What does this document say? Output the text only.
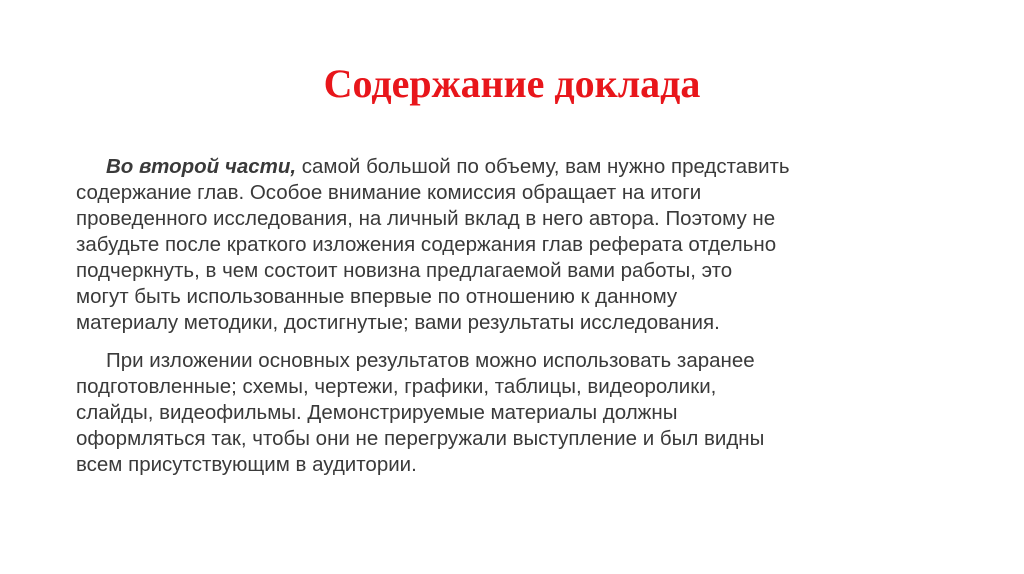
Содержание доклада

Во второй части, самой большой по объему, вам нужно представить
содержание глав. Особое внимание комиссия обращает на итоги
проведенного исследования, на личный вклад в него автора. Поэтому не
забудьте после краткого изложения содержания глав реферата отдельно
подчеркнуть, в чем состоит новизна предлагаемой вами работы, это
могут быть использованные впервые по отношению к данному
материалу методики, достигнутые; вами результаты исследования.

При изложении основных результатов можно использовать заранее
подготовленные; схемы, чертежи, графики, таблицы, видеоролики,
слайды, видеофильмы. Демонстрируемые материалы должны
оформляться так, чтобы они не перегружали выступление и был видны
всем присутствующим в аудитории.
